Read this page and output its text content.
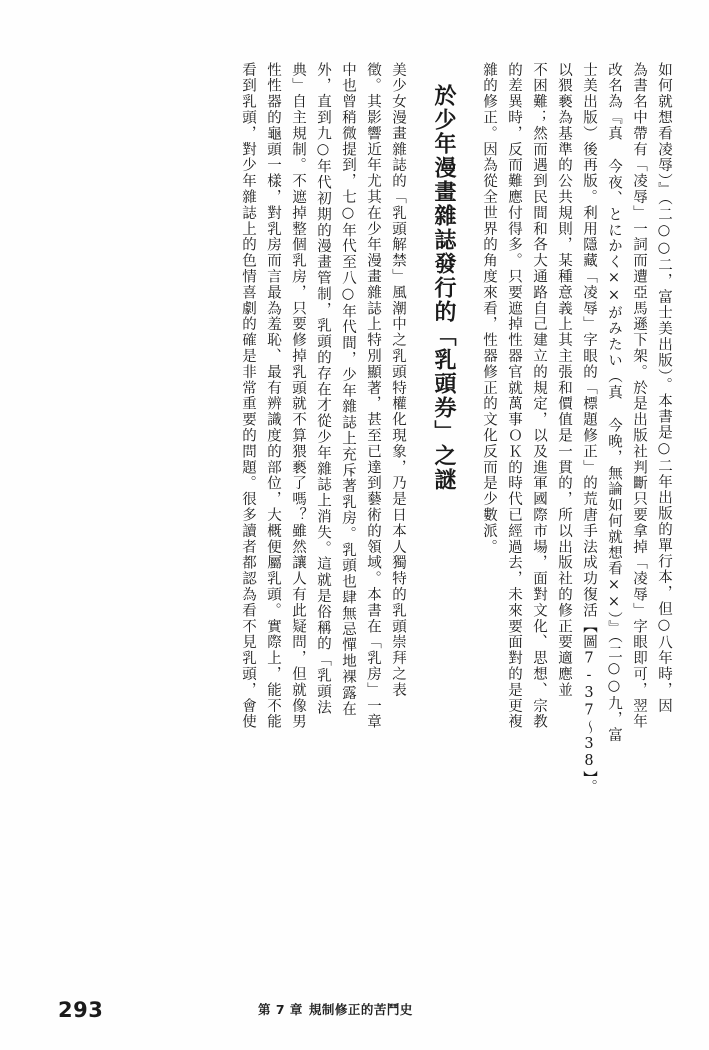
如何就想看凌辱）』（二○○二，富士美出版）。本書是○二年出版的單行本，但○八年時，因
為書名中帶有「凌辱」一詞而遭亞馬遜下架。於是出版社判斷只要拿掉「凌辱」字眼即可，翌年
改名為『真 今夜、とにかく××がみたい（真 今晚，無論如何就想看××）』（二○○九，富
士美出版）後再版。利用隱藏「凌辱」字眼的「標題修正」的荒唐手法成功復活【圖7-37〜38】。
以猥褻為基準的公共規則，某種意義上其主張和價值是一貫的，所以出版社的修正要適應並
不困難；然而遇到民間和各大通路自己建立的規定，以及進軍國際市場，面對文化、思想、宗教
的差異時，反而難應付得多。只要遮掉性器官就萬事ＯＫ的時代已經過去，未來要面對的是更複
雜的修正。因為從全世界的角度來看，性器修正的文化反而是少數派。
於少年漫畫雜誌發行的「乳頭券」之謎
美少女漫畫雜誌的「乳頭解禁」風潮中之乳頭特權化現象，乃是日本人獨特的乳頭崇拜之表
徵。其影響近年尤其在少年漫畫雜誌上特別顯著，甚至已達到藝術的領域。本書在「乳房」一章
中也曾稍微提到，七○年代至八○年代間，少年雜誌上充斥著乳房。乳頭也肆無忌憚地裸露在
外，直到九○年代初期的漫畫管制，乳頭的存在才從少年雜誌上消失。這就是俗稱的「乳頭法
典」自主規制。不遮掉整個乳房，只要修掉乳頭就不算猥褻了嗎？雖然讓人有此疑問，但就像男
性性器的龜頭一樣，對乳房而言最為羞恥、最有辨識度的部位，大概便屬乳頭。實際上，能不能
看到乳頭，對少年雜誌上的色情喜劇的確是非常重要的問題。很多讀者都認為看不見乳頭，會使
293	第 7 章 規制修正的苦鬥史
